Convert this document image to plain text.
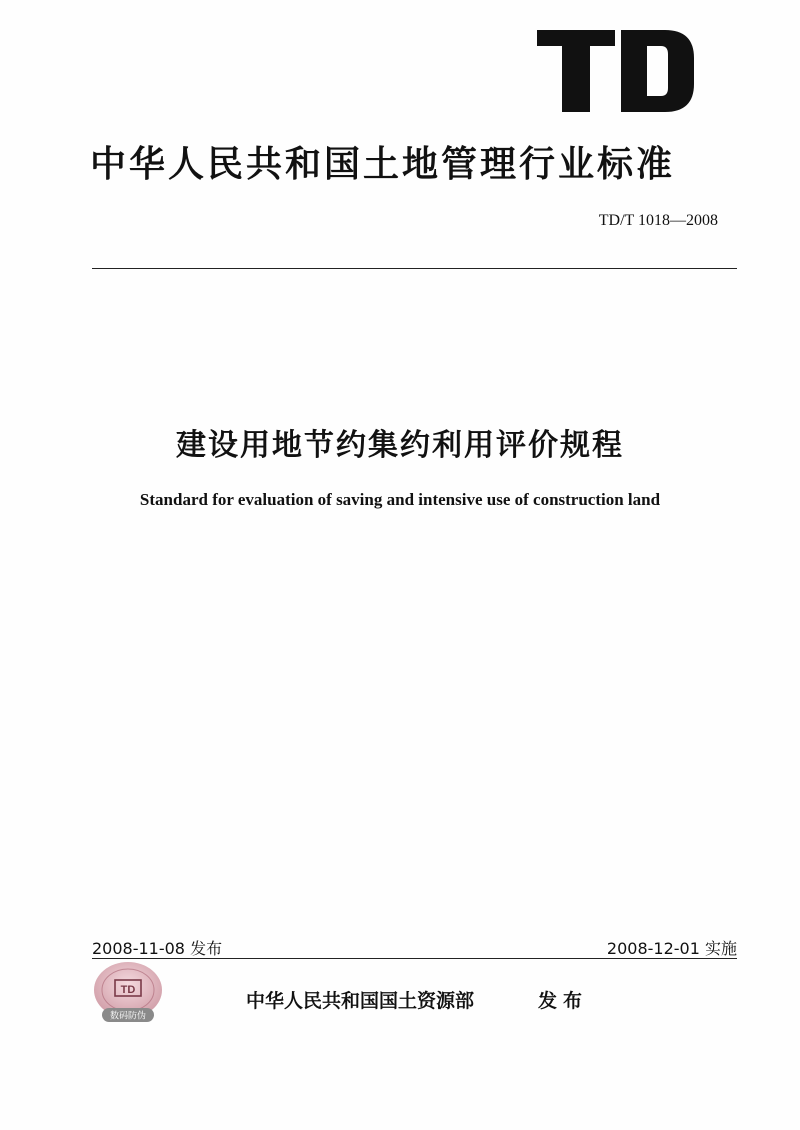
中华人民共和国土地管理行业标准
TD/T 1018—2008
建设用地节约集约利用评价规程
Standard for evaluation of saving and intensive use of construction land
2008-11-08 发布	2008-12-01 实施
TD
数码防伪
中华人民共和国国土资源部	发布
